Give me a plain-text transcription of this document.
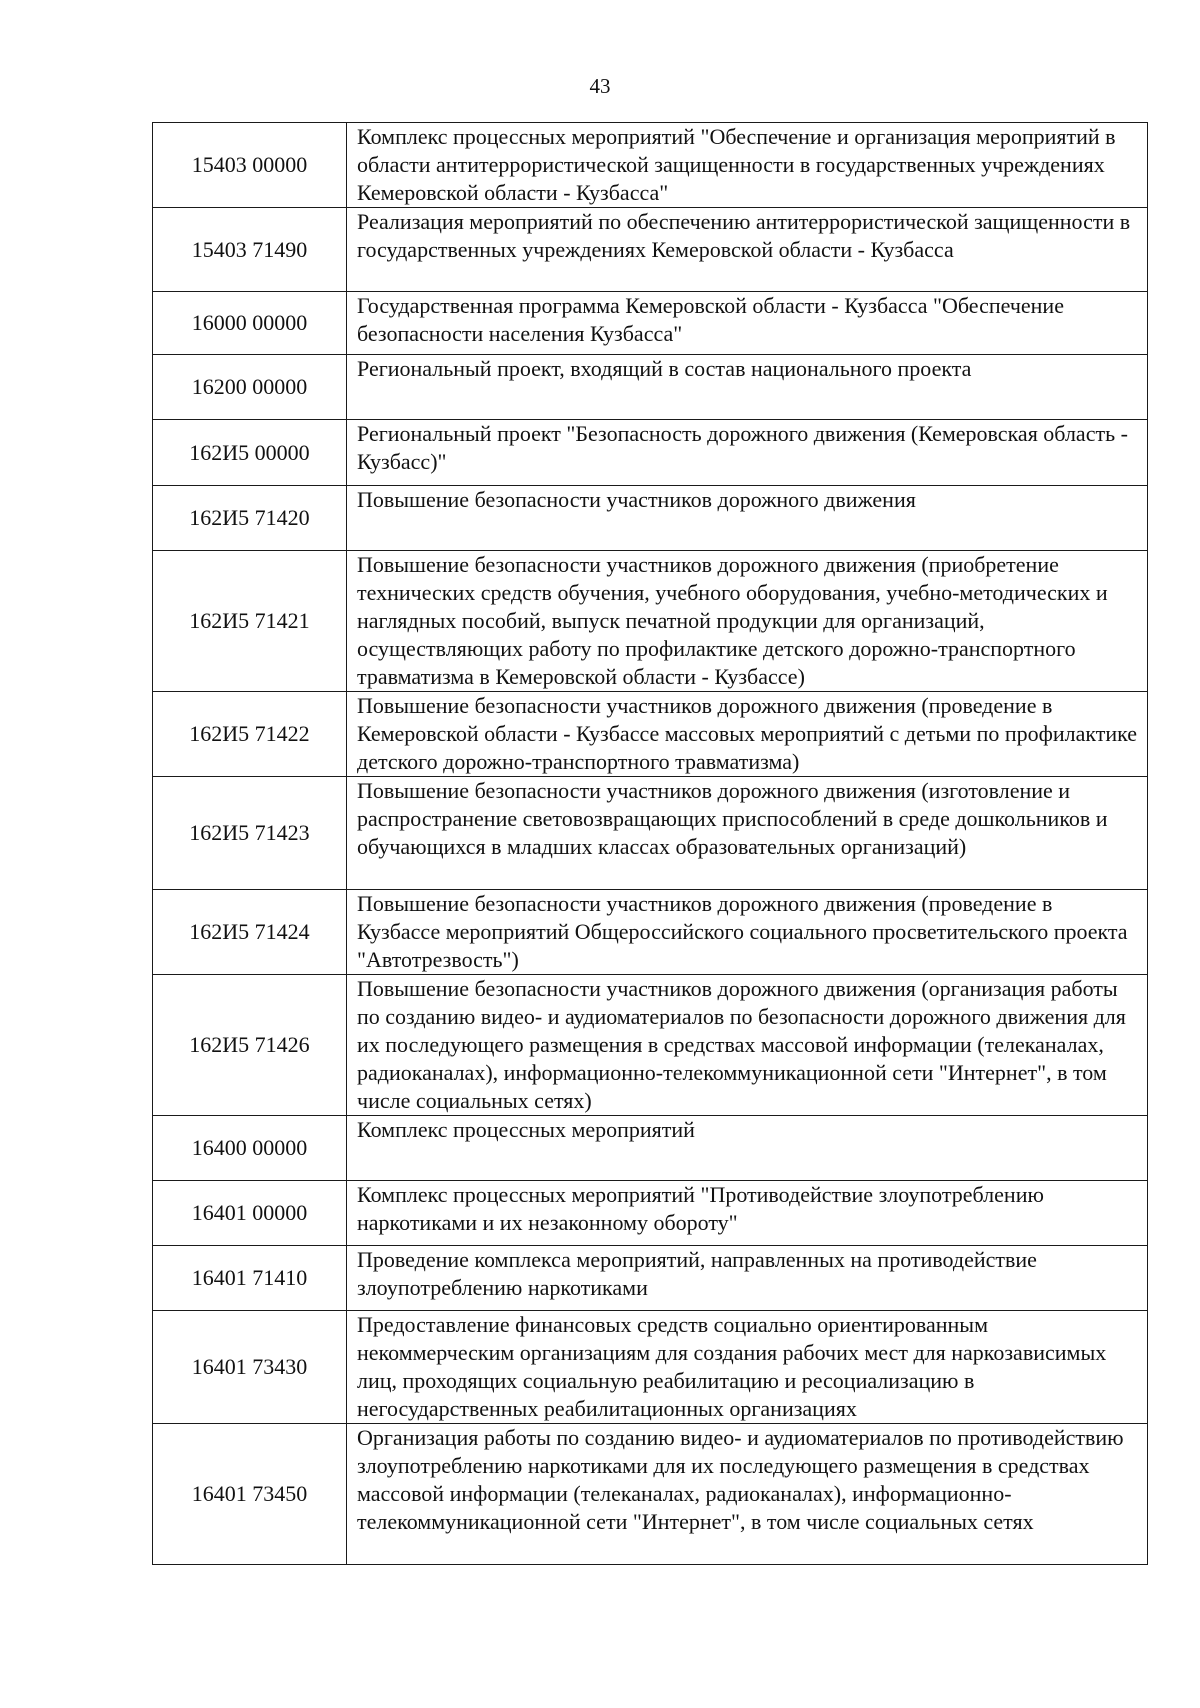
43
15403 00000	Комплекс процессных мероприятий "Обеспечение и организация мероприятий в области антитеррористической защищенности в государственных учреждениях Кемеровской области - Кузбасса"
15403 71490	Реализация мероприятий по обеспечению антитеррористической защищенности в государственных учреждениях Кемеровской области - Кузбасса
16000 00000	Государственная программа Кемеровской области - Кузбасса "Обеспечение безопасности населения Кузбасса"
16200 00000	Региональный проект, входящий в состав национального проекта
162И5 00000	Региональный проект "Безопасность дорожного движения (Кемеровская область - Кузбасс)"
162И5 71420	Повышение безопасности участников дорожного движения
162И5 71421	Повышение безопасности участников дорожного движения (приобретение технических средств обучения, учебного оборудования, учебно-методических и наглядных пособий, выпуск печатной продукции для организаций, осуществляющих работу по профилактике детского дорожно-транспортного травматизма в Кемеровской области - Кузбассе)
162И5 71422	Повышение безопасности участников дорожного движения (проведение в Кемеровской области - Кузбассе массовых мероприятий с детьми по профилактике детского дорожно-транспортного травматизма)
162И5 71423	Повышение безопасности участников дорожного движения (изготовление и распространение световозвращающих приспособлений в среде дошкольников и обучающихся в младших классах образовательных организаций)
162И5 71424	Повышение безопасности участников дорожного движения (проведение в Кузбассе мероприятий Общероссийского социального просветительского проекта "Автотрезвость")
162И5 71426	Повышение безопасности участников дорожного движения (организация работы по созданию видео- и аудиоматериалов по безопасности дорожного движения для их последующего размещения в средствах массовой информации (телеканалах, радиоканалах), информационно-телекоммуникационной сети "Интернет", в том числе социальных сетях)
16400 00000	Комплекс процессных мероприятий
16401 00000	Комплекс процессных мероприятий "Противодействие злоупотреблению наркотиками и их незаконному обороту"
16401 71410	Проведение комплекса мероприятий, направленных на противодействие злоупотреблению наркотиками
16401 73430	Предоставление финансовых средств социально ориентированным некоммерческим организациям для создания рабочих мест для наркозависимых лиц, проходящих социальную реабилитацию и ресоциализацию в негосударственных реабилитационных организациях
16401 73450	Организация работы по созданию видео- и аудиоматериалов по противодействию злоупотреблению наркотиками для их последующего размещения в средствах массовой информации (телеканалах, радиоканалах), информационно-телекоммуникационной сети "Интернет", в том числе социальных сетях
